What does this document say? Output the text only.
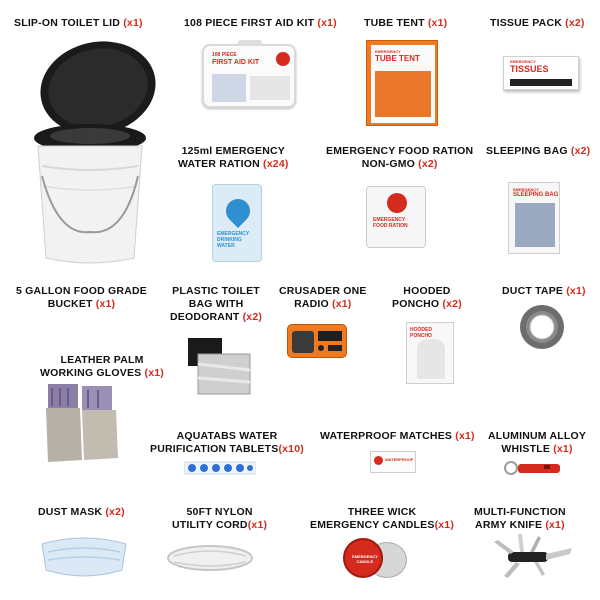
SLIP-ON TOILET LID (x1)	108 PIECE FIRST AID KIT (x1)	TUBE TENT (x1)	TISSUE PACK (x2)
108 PIECE
FIRST AID KIT
EMERGENCY
TUBE TENT	EMERGENCY
TISSUES
125ml EMERGENCY
WATER RATION (x24)
EMERGENCY FOOD RATION
NON-GMO (x2)
SLEEPING BAG (x2)
EMERGENCY
DRINKING
WATER
EMERGENCY
FOOD RATION
EMERGENCY
SLEEPING BAG
5 GALLON FOOD GRADE
BUCKET (x1)
PLASTIC TOILET
BAG WITH
DEODORANT (x2)
CRUSADER ONE
RADIO (x1)
HOODED
PONCHO (x2)
DUCT TAPE (x1)
HOODED PONCHO
LEATHER PALM
WORKING GLOVES (x1)
AQUATABS WATER
PURIFICATION TABLETS(x10)
WATERPROOF MATCHES (x1) ALUMINUM ALLOY
WHISTLE (x1)
WATERPROOF
DUST MASK (x2)	50FT NYLON
UTILITY CORD(x1)
THREE WICK
EMERGENCY CANDLES(x1)
MULTI-FUNCTION
ARMY KNIFE (x1)
EMERGENCY CANDLE
